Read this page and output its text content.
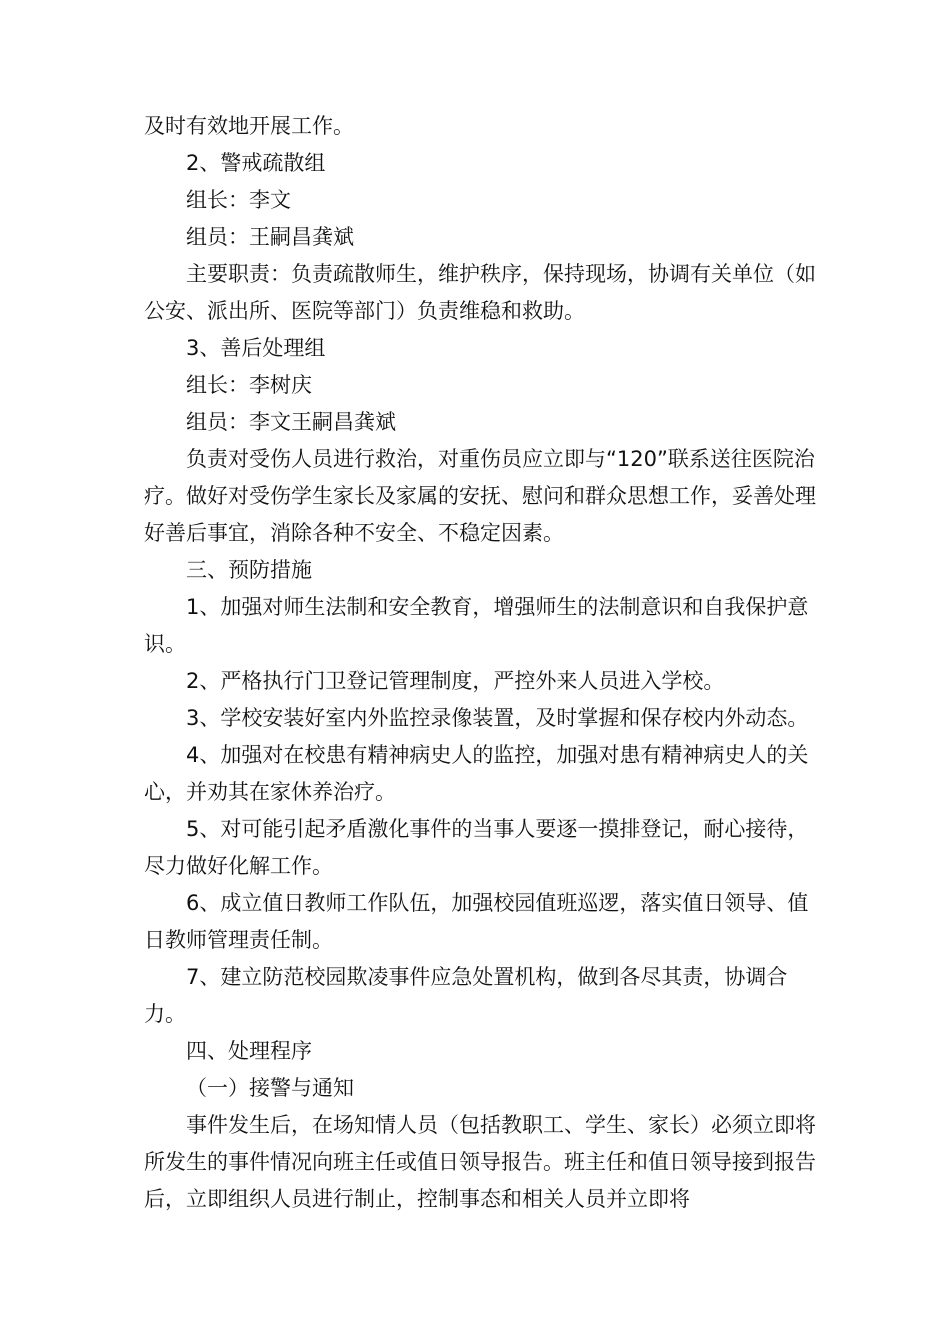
及时有效地开展工作。

2、警戒疏散组

组长：李文

组员：王嗣昌龚斌

主要职责：负责疏散师生，维护秩序，保持现场，协调有关单位（如公安、派出所、医院等部门）负责维稳和救助。

3、善后处理组

组长：李树庆

组员：李文王嗣昌龚斌

负责对受伤人员进行救治，对重伤员应立即与“120”联系送往医院治疗。做好对受伤学生家长及家属的安抚、慰问和群众思想工作，妥善处理好善后事宜，消除各种不安全、不稳定因素。

三、预防措施

1、加强对师生法制和安全教育，增强师生的法制意识和自我保护意识。

2、严格执行门卫登记管理制度，严控外来人员进入学校。

3、学校安装好室内外监控录像装置，及时掌握和保存校内外动态。

4、加强对在校患有精神病史人的监控，加强对患有精神病史人的关心，并劝其在家休养治疗。

5、对可能引起矛盾激化事件的当事人要逐一摸排登记，耐心接待，尽力做好化解工作。

6、成立值日教师工作队伍，加强校园值班巡逻，落实值日领导、值日教师管理责任制。

7、建立防范校园欺凌事件应急处置机构，做到各尽其责，协调合力。

四、处理程序

（一）接警与通知

事件发生后，在场知情人员（包括教职工、学生、家长）必须立即将所发生的事件情况向班主任或值日领导报告。班主任和值日领导接到报告后，立即组织人员进行制止，控制事态和相关人员并立即将
